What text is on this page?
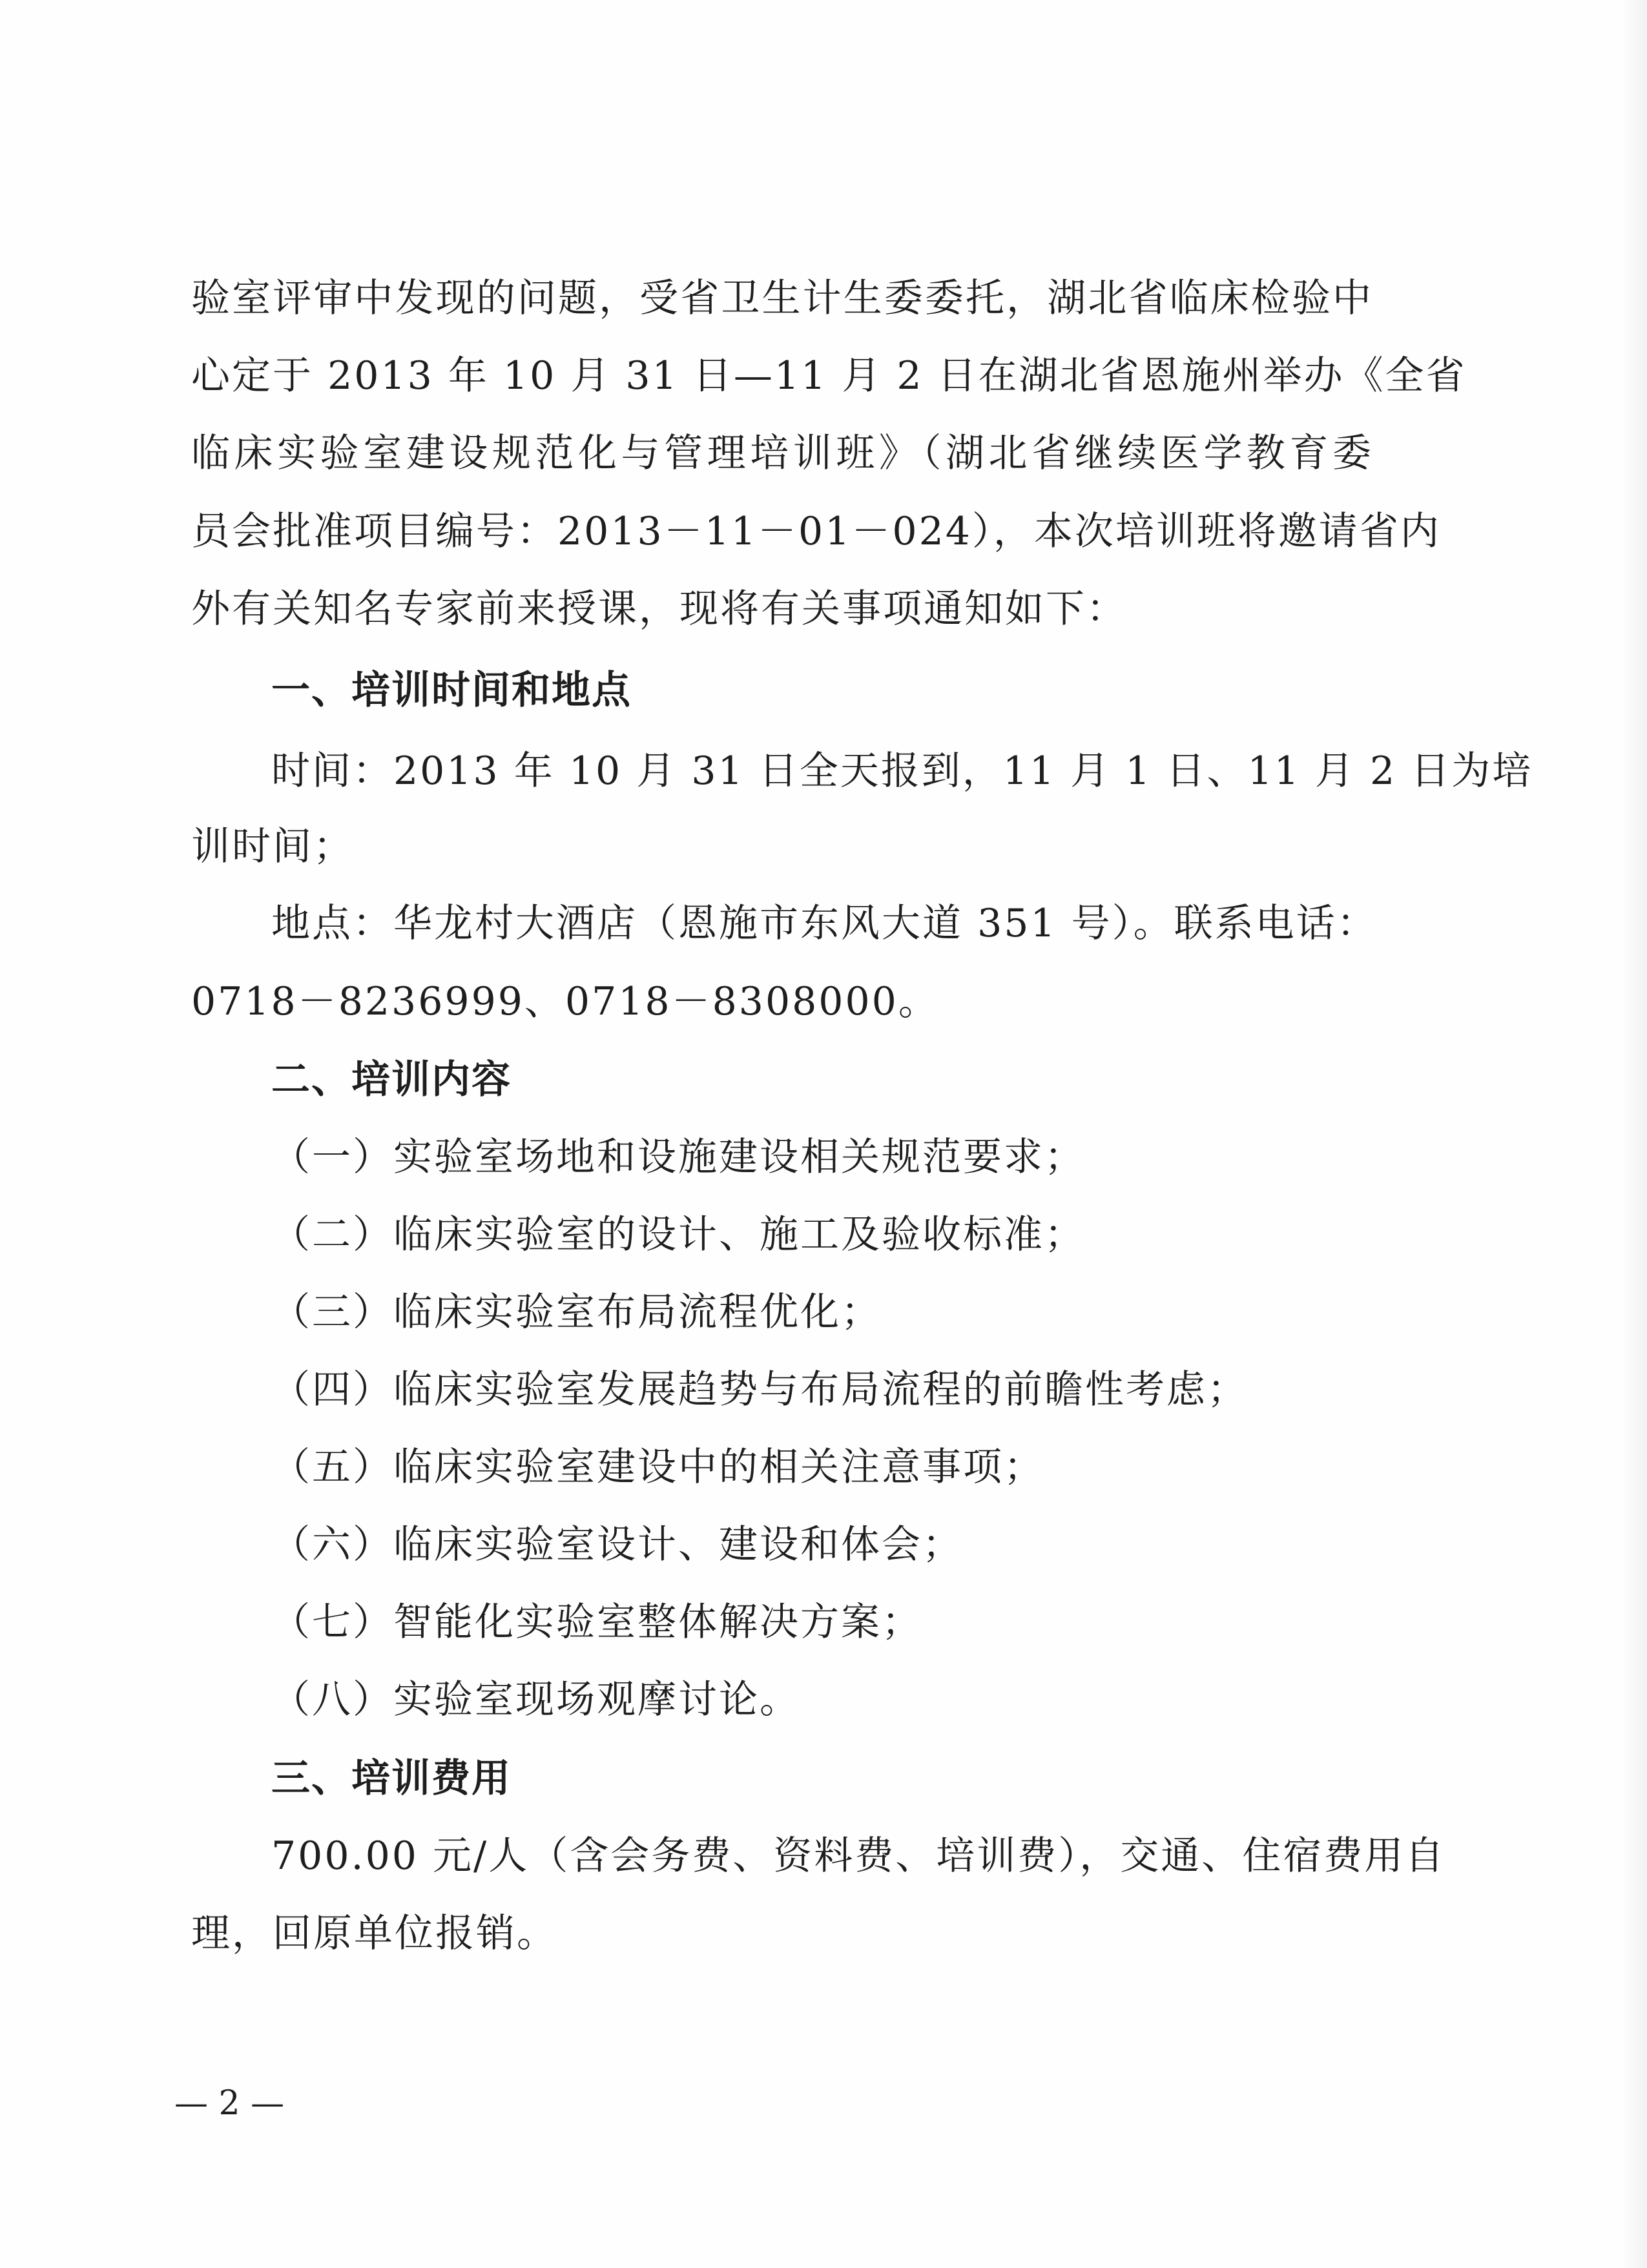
验室评审中发现的问题，受省卫生计生委委托，湖北省临床检验中
心定于 2013 年 10 月 31 日—11 月 2 日在湖北省恩施州举办《全省
临床实验室建设规范化与管理培训班》（湖北省继续医学教育委
员会批准项目编号：2013－11－01－024），本次培训班将邀请省内
外有关知名专家前来授课，现将有关事项通知如下：
一、培训时间和地点
时间：2013 年 10 月 31 日全天报到，11 月 1 日、11 月 2 日为培
训时间；
地点：华龙村大酒店（恩施市东风大道 351 号）。联系电话：
0718－8236999、0718－8308000。
二、培训内容
（一）实验室场地和设施建设相关规范要求；
（二）临床实验室的设计、施工及验收标准；
（三）临床实验室布局流程优化；
（四）临床实验室发展趋势与布局流程的前瞻性考虑；
（五）临床实验室建设中的相关注意事项；
（六）临床实验室设计、建设和体会；
（七）智能化实验室整体解决方案；
（八）实验室现场观摩讨论。
三、培训费用
700.00 元/人（含会务费、资料费、培训费），交通、住宿费用自
理，回原单位报销。
— 2 —
